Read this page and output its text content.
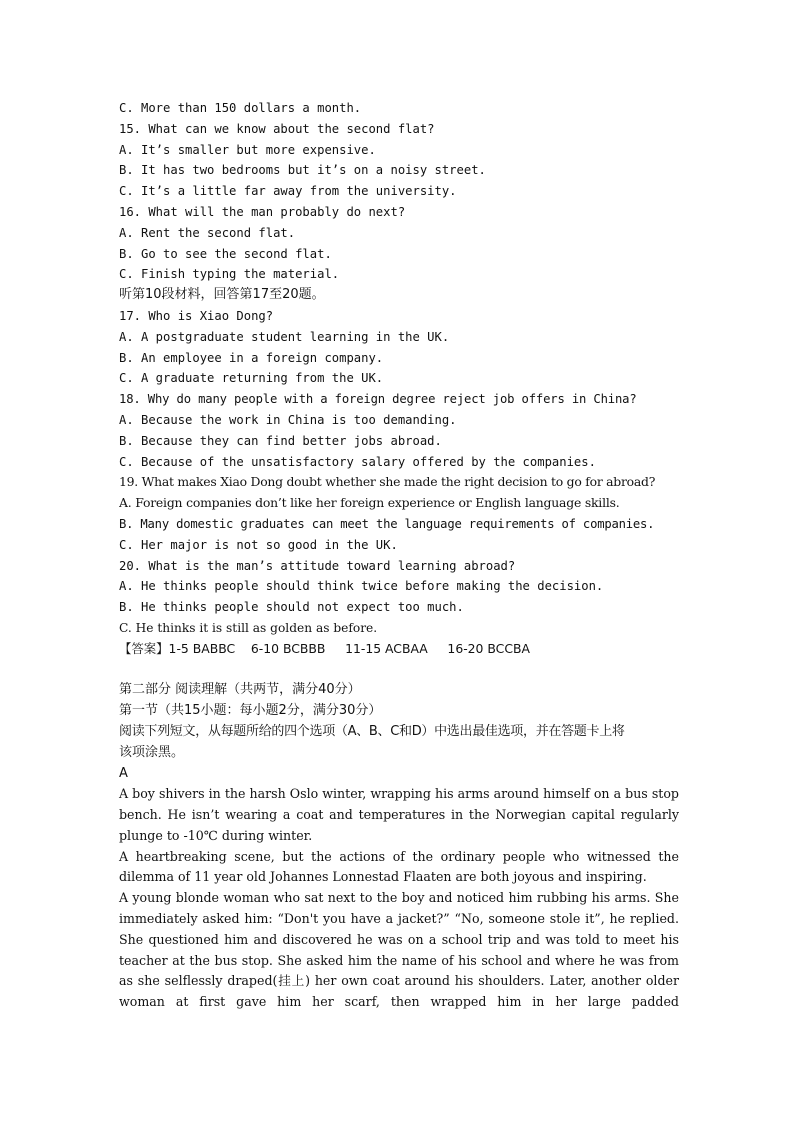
C. More than 150 dollars a month.
15. What can we know about the second flat?
A. It’s smaller but more expensive.
B. It has two bedrooms but it’s on a noisy street.
C. It’s a little far away from the university.
16. What will the man probably do next?
A. Rent the second flat.
B. Go to see the second flat.
C. Finish typing the material.
听第10段材料，回答第17至20题。
17. Who is Xiao Dong?
A. A postgraduate student learning in the UK.
B. An employee in a foreign company.
C. A graduate returning from the UK.
18. Why do many people with a foreign degree reject job offers in China?
A. Because the work in China is too demanding.
B. Because they can find better jobs abroad.
C. Because of the unsatisfactory salary offered by the companies.
19. What makes Xiao Dong doubt whether she made the right decision to go for abroad?
A. Foreign companies don’t like her foreign experience or English language skills.
B. Many domestic graduates can meet the language requirements of companies.
C. Her major is not so good in the UK.
20. What is the man’s attitude toward learning abroad?
A. He thinks people should think twice before making the decision.
B. He thinks people should not expect too much.
C. He thinks it is still as golden as before.
【答案】1-5 BABBC    6-10 BCBBB     11-15 ACBAA     16-20 BCCBA
第二部分 阅读理解（共两节，满分40分）
第一节（共15小题：每小题2分，满分30分）
阅读下列短文，从每题所给的四个选项（A、B、C和D）中选出最佳选项，并在答题卡上将
该项涂黑。
A

A boy shivers in the harsh Oslo winter, wrapping his arms around himself on a bus stop bench. He isn’t wearing a coat and temperatures in the Norwegian capital regularly plunge to -10℃ during winter.

A heartbreaking scene, but the actions of the ordinary people who witnessed the dilemma of 11 year old Johannes Lonnestad Flaaten are both joyous and inspiring.

A young blonde woman who sat next to the boy and noticed him rubbing his arms. She immediately asked him: “Don't you have a jacket?” “No, someone stole it”, he replied. She questioned him and discovered he was on a school trip and was told to meet his teacher at the bus stop. She asked him the name of his school and where he was from as she selflessly draped(挂上) her own coat around his shoulders. Later, another older woman at first gave him her scarf, then wrapped him in her large padded
